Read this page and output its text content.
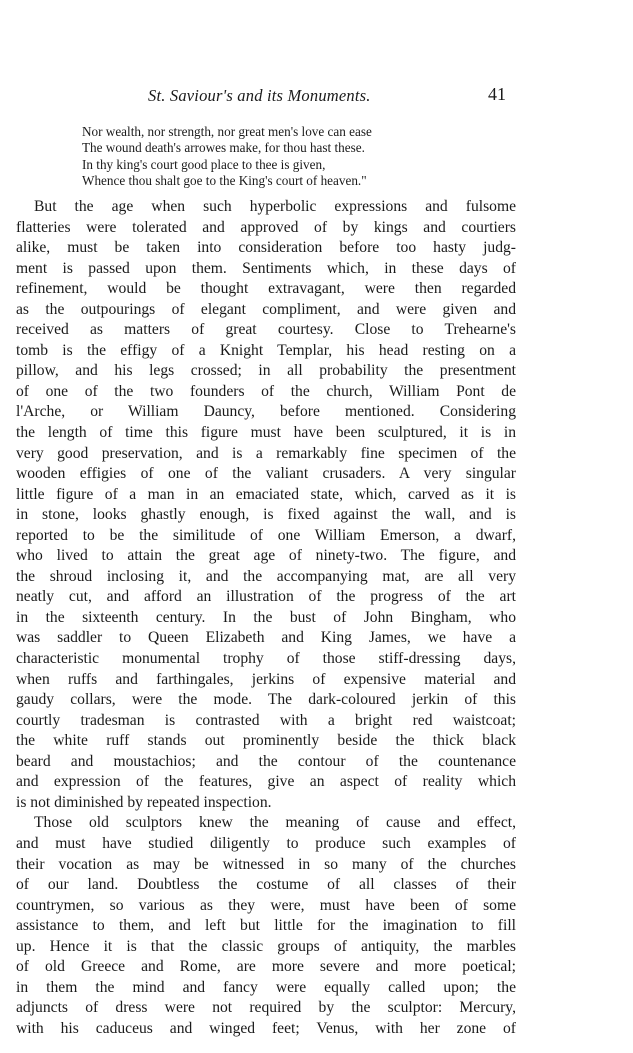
St. Saviour's and its Monuments.	41
Nor wealth, nor strength, nor great men's love can ease
The wound death's arrowes make, for thou hast these.
In thy king's court good place to thee is given,
Whence thou shalt goe to the King's court of heaven."
But the age when such hyperbolic expressions and fulsome
flatteries were tolerated and approved of by kings and courtiers
alike, must be taken into consideration before too hasty judg-
ment is passed upon them. Sentiments which, in these days of
refinement, would be thought extravagant, were then regarded
as the outpourings of elegant compliment, and were given and
received as matters of great courtesy. Close to Trehearne's
tomb is the effigy of a Knight Templar, his head resting on a
pillow, and his legs crossed; in all probability the presentment
of one of the two founders of the church, William Pont de
l'Arche, or William Dauncy, before mentioned. Considering
the length of time this figure must have been sculptured, it is in
very good preservation, and is a remarkably fine specimen of the
wooden effigies of one of the valiant crusaders. A very singular
little figure of a man in an emaciated state, which, carved as it is
in stone, looks ghastly enough, is fixed against the wall, and is
reported to be the similitude of one William Emerson, a dwarf,
who lived to attain the great age of ninety-two. The figure, and
the shroud inclosing it, and the accompanying mat, are all very
neatly cut, and afford an illustration of the progress of the art
in the sixteenth century. In the bust of John Bingham, who
was saddler to Queen Elizabeth and King James, we have a
characteristic monumental trophy of those stiff-dressing days,
when ruffs and farthingales, jerkins of expensive material and
gaudy collars, were the mode. The dark-coloured jerkin of this
courtly tradesman is contrasted with a bright red waistcoat;
the white ruff stands out prominently beside the thick black
beard and moustachios; and the contour of the countenance
and expression of the features, give an aspect of reality which
is not diminished by repeated inspection.
Those old sculptors knew the meaning of cause and effect,
and must have studied diligently to produce such examples of
their vocation as may be witnessed in so many of the churches
of our land. Doubtless the costume of all classes of their
countrymen, so various as they were, must have been of some
assistance to them, and left but little for the imagination to fill
up. Hence it is that the classic groups of antiquity, the marbles
of old Greece and Rome, are more severe and more poetical;
in them the mind and fancy were equally called upon; the
adjuncts of dress were not required by the sculptor: Mercury,
with his caduceus and winged feet; Venus, with her zone of
